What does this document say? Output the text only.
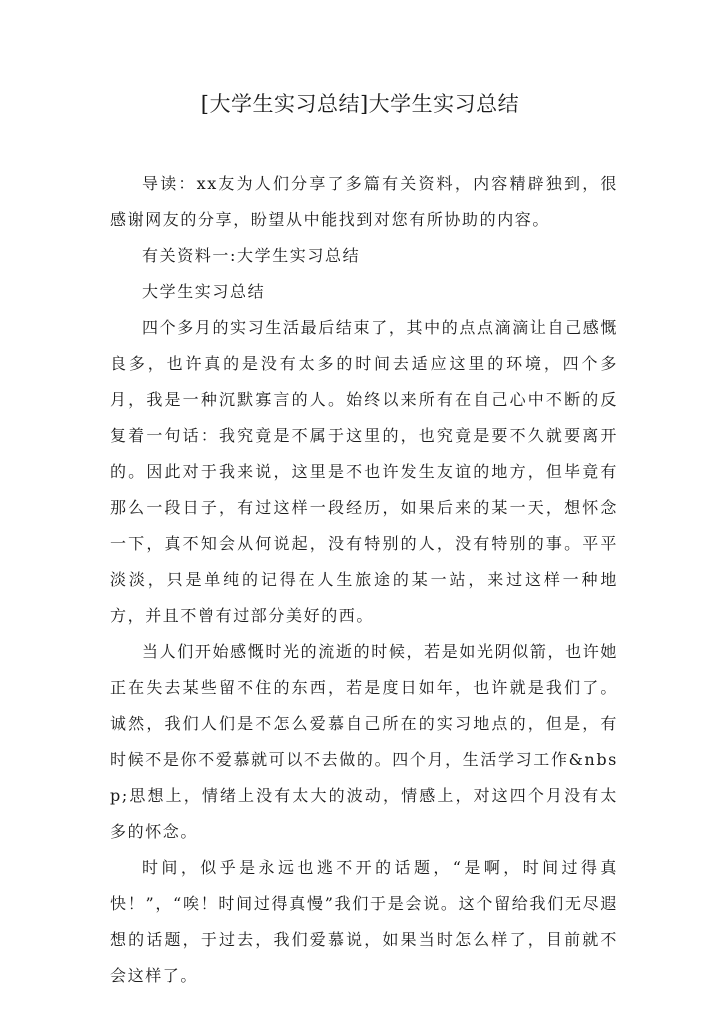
[大学生实习总结]大学生实习总结

导读：xx友为人们分享了多篇有关资料，内容精辟独到，很感谢网友的分享，盼望从中能找到对您有所协助的内容。

有关资料一:大学生实习总结

大学生实习总结

四个多月的实习生活最后结束了，其中的点点滴滴让自己感慨良多，也许真的是没有太多的时间去适应这里的环境，四个多月，我是一种沉默寡言的人。始终以来所有在自己心中不断的反复着一句话：我究竟是不属于这里的，也究竟是要不久就要离开的。因此对于我来说，这里是不也许发生友谊的地方，但毕竟有那么一段日子，有过这样一段经历，如果后来的某一天，想怀念一下，真不知会从何说起，没有特别的人，没有特别的事。平平淡淡，只是单纯的记得在人生旅途的某一站，来过这样一种地方，并且不曾有过部分美好的西。

当人们开始感慨时光的流逝的时候，若是如光阴似箭，也许她正在失去某些留不住的东西，若是度日如年，也许就是我们了。诚然，我们人们是不怎么爱慕自己所在的实习地点的，但是，有时候不是你不爱慕就可以不去做的。四个月，生活学习工作&nbsp;思想上，情绪上没有太大的波动，情感上，对这四个月没有太多的怀念。

时间，似乎是永远也逃不开的话题，“是啊，时间过得真快！”，“唉！时间过得真慢”我们于是会说。这个留给我们无尽遐想的话题，于过去，我们爱慕说，如果当时怎么样了，目前就不会这样了。
